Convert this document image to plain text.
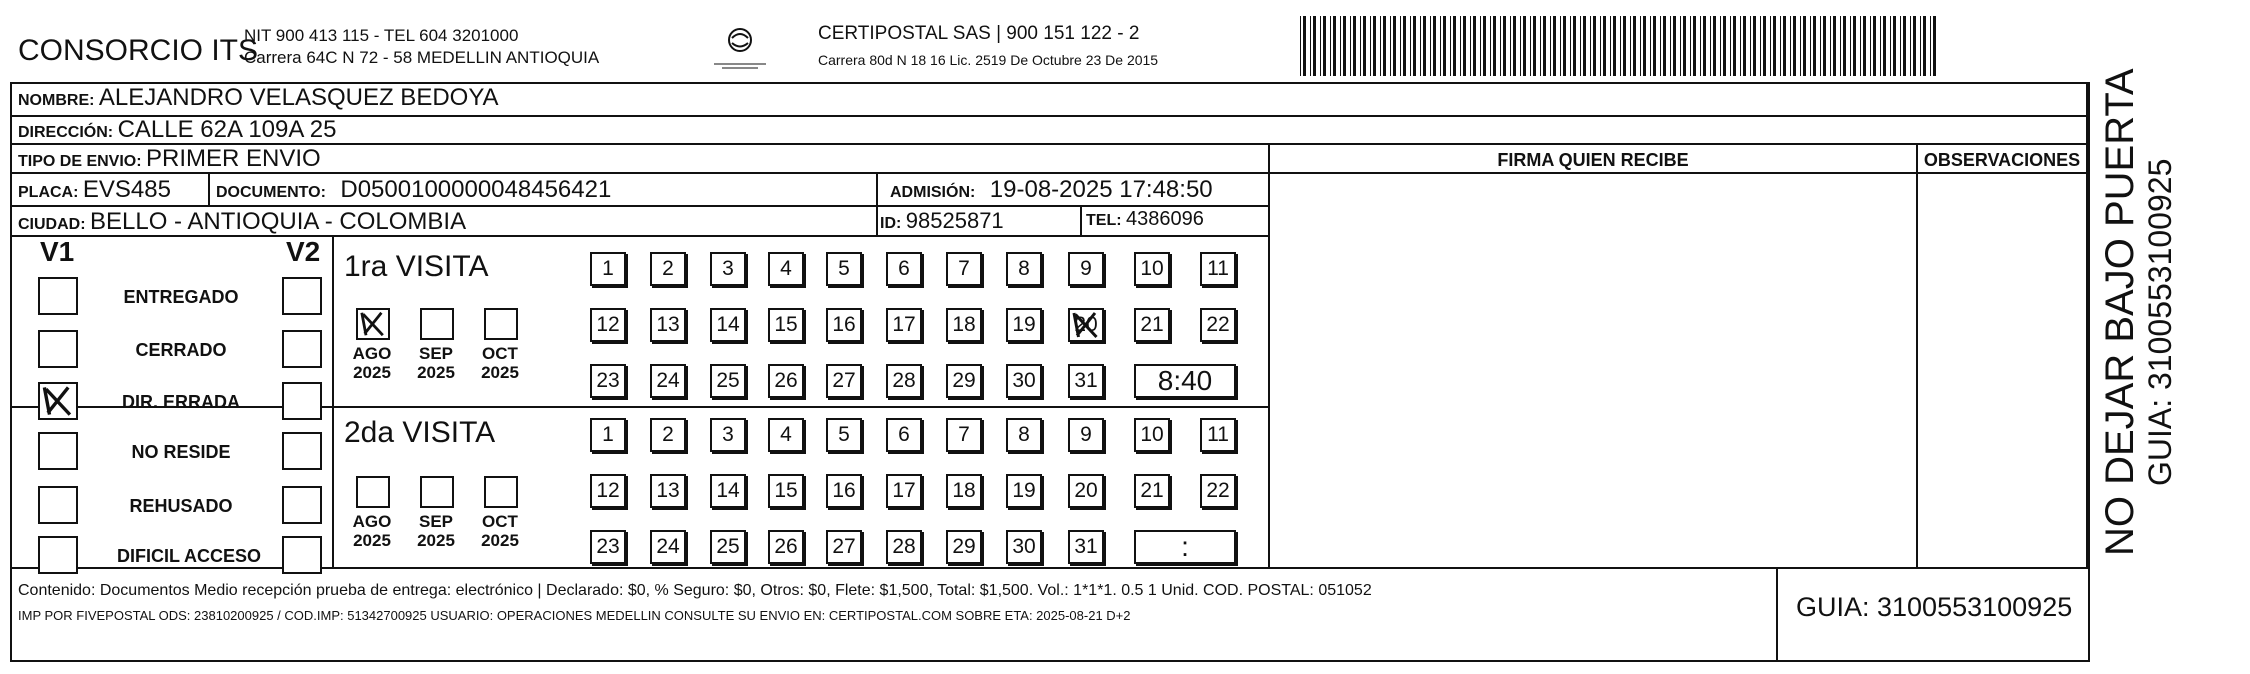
CONSORCIO ITS
NIT 900 413 115 - TEL 604 3201000
Carrera 64C N 72 - 58 MEDELLIN ANTIOQUIA
CERTIPOSTAL SAS | 900 151 122 - 2
Carrera 80d N 18 16 Lic. 2519 De Octubre 23 De 2015
NOMBRE: ALEJANDRO VELASQUEZ BEDOYA
DIRECCIÓN: CALLE 62A 109A 25
TIPO DE ENVIO: PRIMER ENVIO	FIRMA QUIEN RECIBE	OBSERVACIONES
PLACA: EVS485	DOCUMENTO: D0500100000048456421	ADMISIÓN: 19-08-2025 17:48:50
CIUDAD: BELLO - ANTIOQUIA - COLOMBIA	ID: 98525871	TEL: 4386096
V1	V2
ENTREGADO
CERRADO
DIR. ERRADA
NO RESIDE
REHUSADO
DIFICIL ACCESO
1ra VISITA
2da VISITA
AGO
2025
SEP
2025
OCT
2025
1 2 3 4 5 6 7 8 9 10 11
12 13 14 15 16 17 18 19 20 21 22
23 24 25 26 27 28 29 30 31	8:40
AGO
2025
SEP
2025
OCT
2025
1 2 3 4 5 6 7 8 9 10 11
12 13 14 15 16 17 18 19 20 21 22
23 24 25 26 27 28 29 30 31	:
Contenido: Documentos Medio recepción prueba de entrega: electrónico | Declarado: $0, % Seguro: $0, Otros: $0, Flete: $1,500, Total: $1,500. Vol.: 1*1*1. 0.5 1 Unid. COD. POSTAL: 051052
IMP POR FIVEPOSTAL ODS: 23810200925 / COD.IMP: 51342700925 USUARIO: OPERACIONES MEDELLIN CONSULTE SU ENVIO EN: CERTIPOSTAL.COM SOBRE ETA: 2025-08-21 D+2	GUIA: 3100553100925
NO DEJAR BAJO PUERTA GUIA: 3100553100925
